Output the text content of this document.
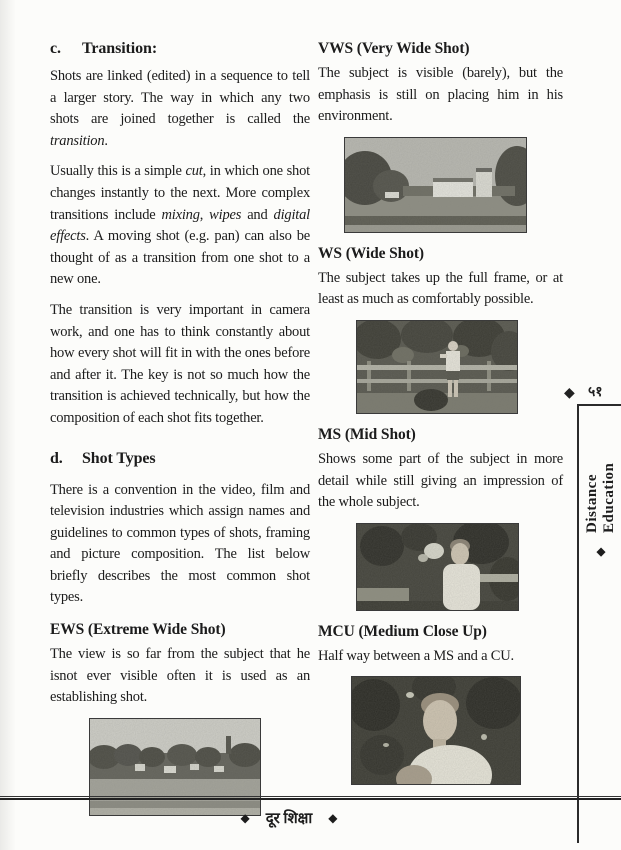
c. Transition:

Shots are linked (edited) in a sequence to tell a larger story. The way in which any two shots are joined together is called the transition.

Usually this is a simple cut, in which one shot changes instantly to the next. More complex transitions include mixing, wipes and digital effects. A moving shot (e.g. pan) can also be thought of as a transition from one shot to a new one.

The transition is very important in camera work, and one has to think constantly about how every shot will fit in with the ones before and after it. The key is not so much how the transition is achieved technically, but how the composition of each shot fits together.

d. Shot Types

There is a convention in the video, film and television industries which assign names and guidelines to common types of shots, framing and picture composition. The list below briefly describes the most common shot types.

EWS (Extreme Wide Shot)

The view is so far from the subject that he isnot ever visible often it is used as an establishing shot.

VWS (Very Wide Shot)

The subject is visible (barely), but the emphasis is still on placing him in his environment.

WS (Wide Shot)

The subject takes up the full frame, or at least as much as comfortably possible.

MS (Mid Shot)

Shows some part of the subject in more detail while still giving an impression of the whole subject.

MCU (Medium Close Up)

Half way between a MS and a CU.

◆ ५१
◆
Distance Education
◆ दूर शिक्षा ◆
